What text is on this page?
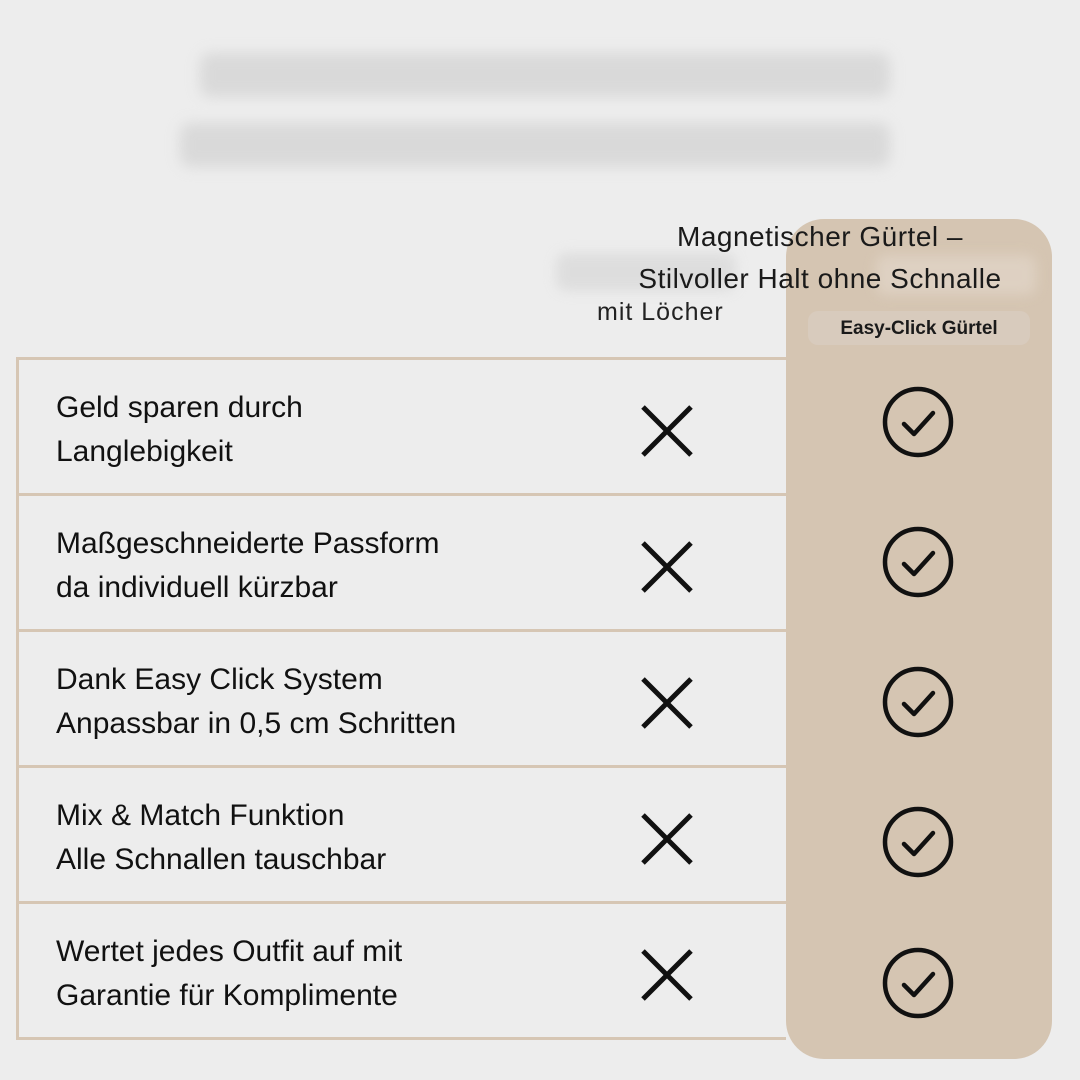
Magnetischer Gürtel –
Stilvoller Halt ohne Schnalle
mit Löcher
Easy-Click Gürtel
Geld sparen durch
Langlebigkeit
Maßgeschneiderte Passform
da individuell kürzbar
Dank Easy Click System
Anpassbar in 0,5 cm Schritten
Mix & Match Funktion
Alle Schnallen tauschbar
Wertet jedes Outfit auf mit
Garantie für Komplimente
